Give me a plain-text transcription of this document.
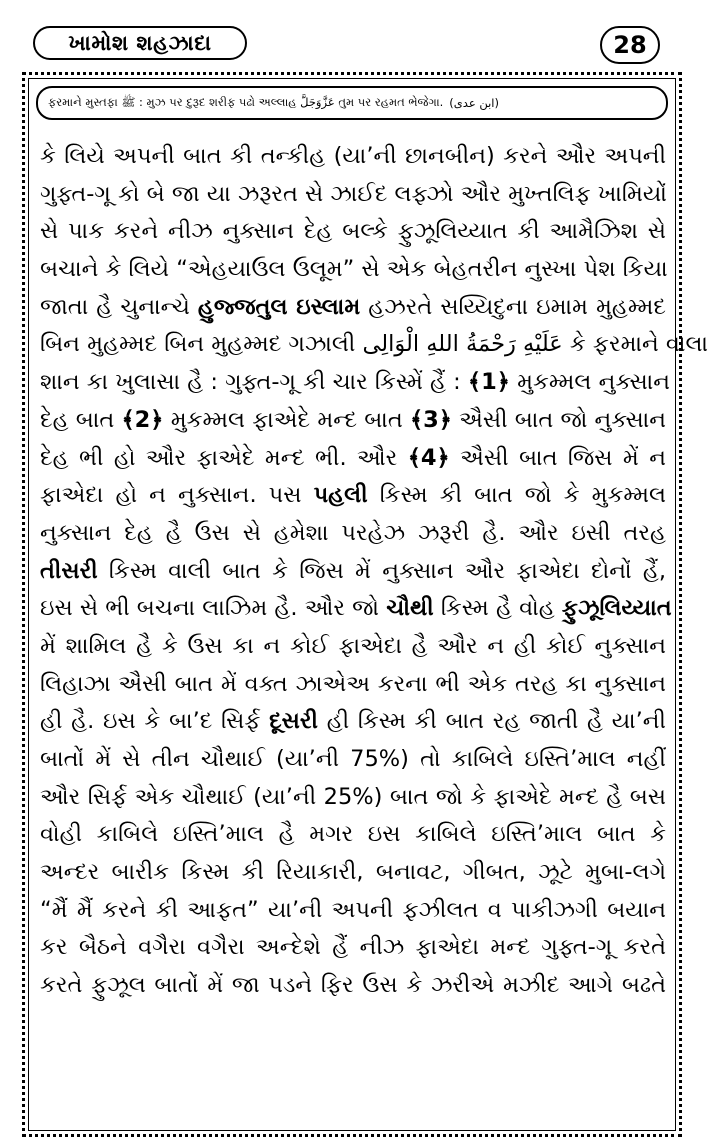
ખામોશ શહઝાદા	28
ફરમાને મુસ્તફા ﷺ : મુઝ પર દુરૂદ શરીફ પઢો અલ્લાહ عَزَّوَجَلَّ તુમ પર રહમત ભેજેગા. (ابن عدی)
કે લિયે અપની બાત કી તન્કીહ (યા’ની છાનબીન) કરને ઔર અપની
ગુફ્ત-ગૂ કો બે જા યા ઝરૂરત સે ઝાઈદ લફ્ઝો ઔર મુખ્તલિફ ખામિયોં
સે પાક કરને નીઝ નુક્સાન દેહ બલ્કે ફુઝૂલિય્યાત કી આમૈઝિશ સે
બચાને કે લિયે “એહયાઉલ ઉલૂમ” સે એક બેહતરીન નુસ્ખા પેશ કિયા
જાતા હૈ ચુનાન્ચે હુજ્જતુલ ઇસ્લામ હઝરતે સય્યિદુના ઇમામ મુહમ્મદ
બિન મુહમ્મદ બિન મુહમ્મદ ગઝાલી عَلَيْهِ رَحْمَةُ اللهِ الْوَالِى કે ફરમાને વાલા
શાન કા ખુલાસા હૈ : ગુફ્ત-ગૂ કી ચાર કિસ્મેં હૈં : ﴾1﴿ મુકમ્મલ નુક્સાન
દેહ બાત ﴾2﴿ મુકમ્મલ ફાએદે મન્દ બાત ﴾3﴿ ઐસી બાત જો નુક્સાન
દેહ ભી હો ઔર ફાએદે મન્દ ભી. ઔર ﴾4﴿ ઐસી બાત જિસ મેં ન
ફાએદા હો ન નુક્સાન. પસ પહલી કિસ્મ કી બાત જો કે મુકમ્મલ
નુક્સાન દેહ હૈ ઉસ સે હમેશા પરહેઝ ઝરૂરી હૈ. ઔર ઇસી તરહ
તીસરી કિસ્મ વાલી બાત કે જિસ મેં નુક્સાન ઔર ફાએદા દોનોં હૈં,
ઇસ સે ભી બચના લાઝિમ હૈ. ઔર જો ચૌથી કિસ્મ હૈ વોહ ફુઝૂલિય્યાત
મેં શામિલ હૈ કે ઉસ કા ન કોઈ ફાએદા હૈ ઔર ન હી કોઈ નુક્સાન
લિહાઝા ઐસી બાત મેં વક્ત ઝાએઅ કરના ભી એક તરહ કા નુક્સાન
હી હૈ. ઇસ કે બા’દ સિર્ફ દૂસરી હી કિસ્મ કી બાત રહ જાતી હૈ યા’ની
બાતોં મેં સે તીન ચૌથાઈ (યા’ની 75%) તો કાબિલે ઇસ્તિ’માલ નહીં
ઔર સિર્ફ એક ચૌથાઈ (યા’ની 25%) બાત જો કે ફાએદે મન્દ હૈ બસ
વોહી કાબિલે ઇસ્તિ’માલ હૈ મગર ઇસ કાબિલે ઇસ્તિ’માલ બાત કે
અન્દર બારીક કિસ્મ કી રિયાકારી, બનાવટ, ગીબત, ઝૂટે મુબા-લગે
“મૈં મૈં કરને કી આફત” યા’ની અપની ફઝીલત વ પાકીઝગી બયાન
કર બૈઠને વગૈરા વગૈરા અન્દેશે હૈં નીઝ ફાએદા મન્દ ગુફ્ત-ગૂ કરતે
કરતે ફુઝૂલ બાતોં મેં જા પડને ફિર ઉસ કે ઝરીએ મઝીદ આગે બઢતે
